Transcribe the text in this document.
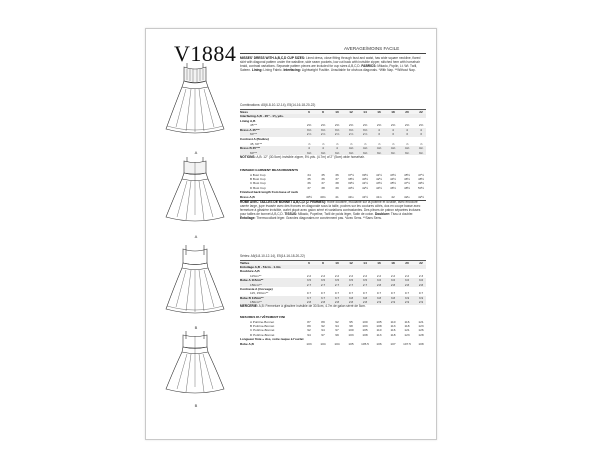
V1884	AVERAGE/MOINS FACILE
A
A
B
B
MISSES' DRESS WITH A,B,C,D CUP SIZES: Lined dress, close fitting through bust and waist, has wide square neckline, flared skirt with diagonal pattern under the waistline, side seam pockets, low cut back with invisible zipper, stitched hem with horsehair braid, contrast variations. Separate pattern pieces are included for cup sizes A,B,C,D. FABRICS: Mikado, Poplin, Lt. Wt. Twill, Sateen. Lining: Lining Fabric. Interfacing: Lightweight Fusible. Unsuitable for obvious diagonals. *With Nap. **Without Nap.
Combinations: A5(6-8-10-12-14), E5(14-16-18-20-22)
Sizes	6	8	10	12	14	16	18	20	22
Interfacing A,B - 20" - 1⅛ yds.
Lining A,B
45"**	2⅜	2⅜	2⅜	2⅜	2⅜	2⅜	2⅜	2⅜	2⅜
Dress A 45"**	3⅝	3⅝	3⅝	3⅝	3⅝	4	4	4	4
60"**	2⅞	2⅞	2⅞	2⅞	2⅞	3	3	3	3
Contrast A (Bodice)
45, 60"**	⅞	⅞	⅞	⅞	⅞	⅞	⅞	⅞	⅞
Dress B 45"**	4	4	4	4⅛	4⅛	4⅛	4⅛	4⅛	4¼
60"**	3⅛	3⅛	3⅛	3⅛	3⅛	3¼	3¼	3¼	3¼
NOTIONS: A,B: 12" (30.5cm) invisible zipper, 5⅛ yds. (4.7m) of 2" (5cm) wide horsehair.
FINISHED GARMENT MEASUREMENTS
A Bust Cup	34	35	36	37½	39½	41½	43½	45½	47½
B Bust Cup	35	36	37	38½	40½	42½	44½	46½	48½
C Bust Cup	36	37	38	39½	41½	43½	45½	47½	49½
D Bust Cup	37	38	39	40½	42½	44½	46½	48½	50½
Finished back length from base of neck
Dress A,B	40½	40¾	41	41¼	41½	41¾	42	42¼	42½
ROBE AVEC TAILLES DE BONNET A,B,C,D (J. FEMMES): Robe doublée, moulante sur la poitrine et la taille, avec encolure carrée large, jupe évasée avec des fronces en diagonale sous la taille, poches sur les coutures côtés, dos en coupe basse avec fermeture à glissière invisible, ourlet piqué avec galon sérré et variations contrastantes. Des pièces de patron séparées incluses pour tailles de bonnet A,B,C,D. TISSUS: Mikado, Popeline, Twill de poids léger, Satin de coton. Doublure: Tissu à doubler. Entoilage: Thermocollant léger. Grandes diagonales ne conviennent pas. *Avec Sens. **Sans Sens.
Séries: A5(6-8-10-12-14), E5(14-16-18-20-22)
Tailles	6	8	10	12	14	16	18	20	22
Entoilage A,B - 51cm - 1.3m
Doublure A,B
115cm**	2.2	2.2	2.2	2.2	2.2	2.2	2.2	2.2	2.3
Robe A 115cm**	3.5	3.5	3.5	3.5	3.5	3.6	3.6	3.6	3.6
150cm**	2.7	2.7	2.7	2.7	2.7	2.8	2.8	2.8	2.8
Contraste A (Corsage)
115, 150cm**	0.7	0.7	0.7	0.7	0.7	0.7	0.7	0.7	0.7
Robe B 115cm**	3.7	3.7	3.7	3.8	3.8	3.8	3.8	3.9	3.9
150cm**	2.8	2.8	2.8	2.8	2.8	2.9	2.9	2.9	2.9
MERCERIE: A,B: Fermeture à glissière invisible de 30.5cm, 4.7m de galon sérré de 5cm.
MESURES DU VÊTEMENT FINI
A Poitrine-Bonnet	87	89	92	95	100	105	110	116	121
B Poitrine-Bonnet	89	92	94	98	103	108	113	118	123
C Poitrine-Bonnet	92	94	97	100	105	110	116	121	126
D Poitrine-Bonnet	94	97	99	103	108	113	118	123	128
Longueur finie » dos, votre nuque à l'ourlet
Robe A,B	103	104	104	105	105.5	106	107	107.5	108
